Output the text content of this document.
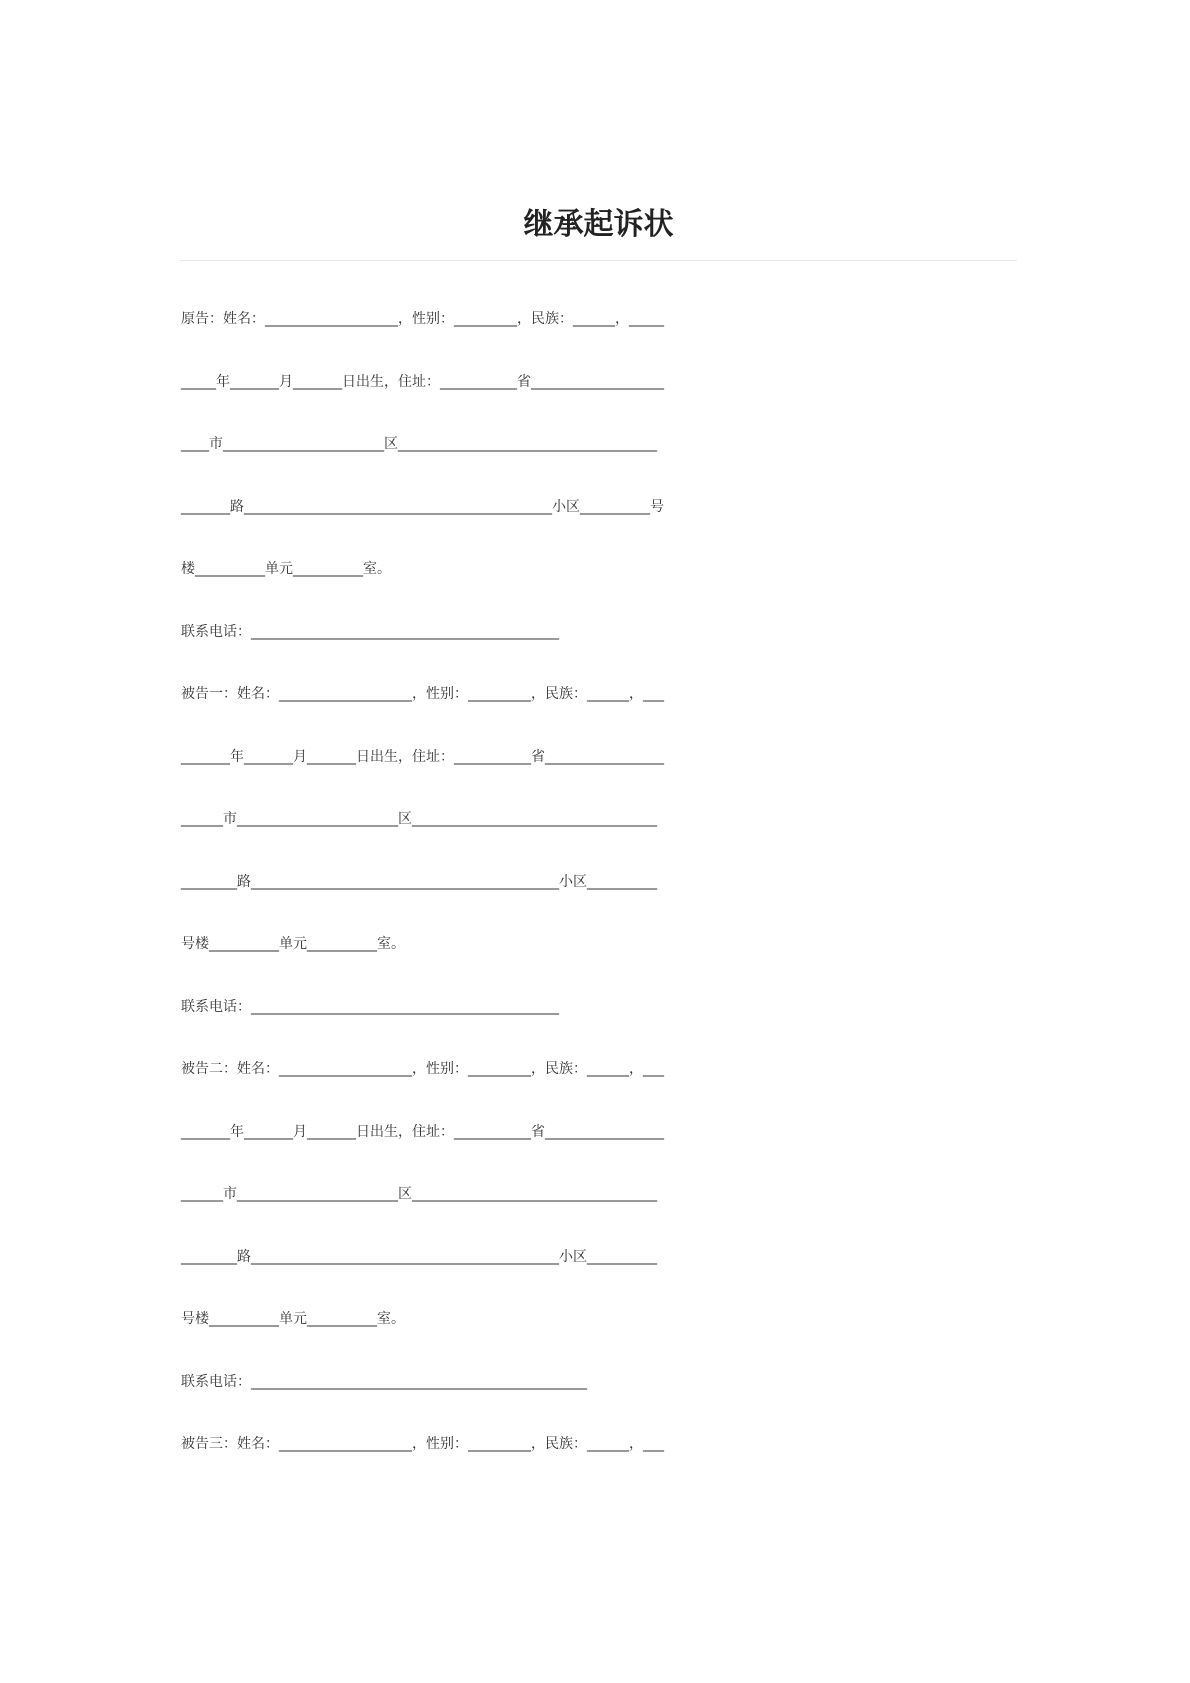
继承起诉状
原告：姓名：___________________，性别：_________，民族：______，_____
_____年_______月_______日出生，住址：___________省___________________
____市_______________________区_____________________________________
_______路____________________________________________小区__________号
楼__________单元__________室。
联系电话：____________________________________________
被告一：姓名：___________________，性别：_________，民族：______，___
_______年_______月_______日出生，住址：___________省_________________
______市_______________________区___________________________________
________路____________________________________________小区__________
号楼__________单元__________室。
联系电话：____________________________________________
被告二：姓名：___________________，性别：_________，民族：______，___
_______年_______月_______日出生，住址：___________省_________________
______市_______________________区___________________________________
________路____________________________________________小区__________
号楼__________单元__________室。
联系电话：________________________________________________
被告三：姓名：___________________，性别：_________，民族：______，___
